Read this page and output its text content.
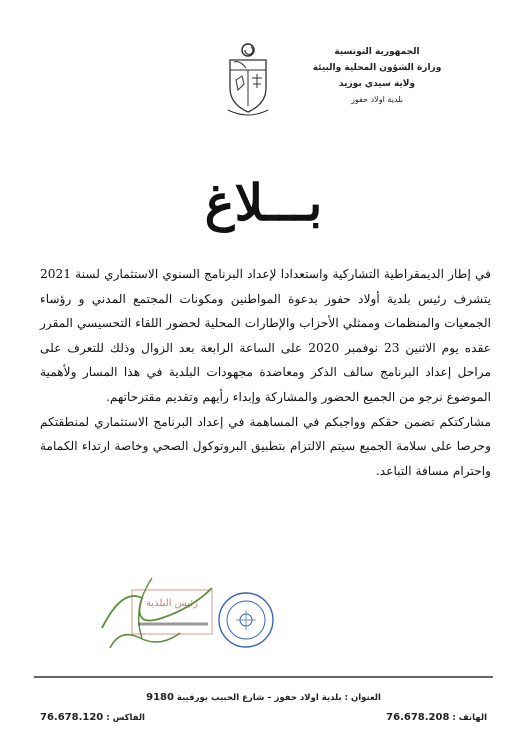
الجمهورية التونسية
وزارة الشؤون المحلية والبيئة
ولاية سيدي بوزيد
بلدية اولاد حفوز
بـــلاغ

في إطار الديمقراطية التشاركية واستعدادا لإعداد البرنامج السنوي الاستثماري لسنة 2021 يتشرف رئيس بلدية أولاد حفوز بدعوة المواطنين ومكونات المجتمع المدني و رؤساء الجمعيات والمنظمات وممثلي الأحزاب والإطارات المحلية لحضور اللقاء التحسيسي المقرر عقده يوم الاثنين 23 نوفمبر 2020 على الساعة الرابعة بعد الزوال وذلك للتعرف على مراحل إعداد البرنامج سالف الذكر ومعاضدة مجهودات البلدية في هذا المسار ولأهمية الموضوع نرجو من الجميع الحضور والمشاركة وإبداء رأيهم وتقديم مقترحاتهم.

مشاركتكم تضمن حقكم وواجبكم في المساهمة في إعداد البرنامج الاستثماري لمنطقتكم وحرصا على سلامة الجميع سيتم الالتزام بتطبيق البروتوكول الصحي وخاصة ارتداء الكمامة واحترام مسافة التباعد.

رئيس البلدية
العنوان : بلدية اولاد حفوز – شارع الحبيب بورقيبة 9180
الهاتف : 76.678.208
الفاكس : 76.678.120
